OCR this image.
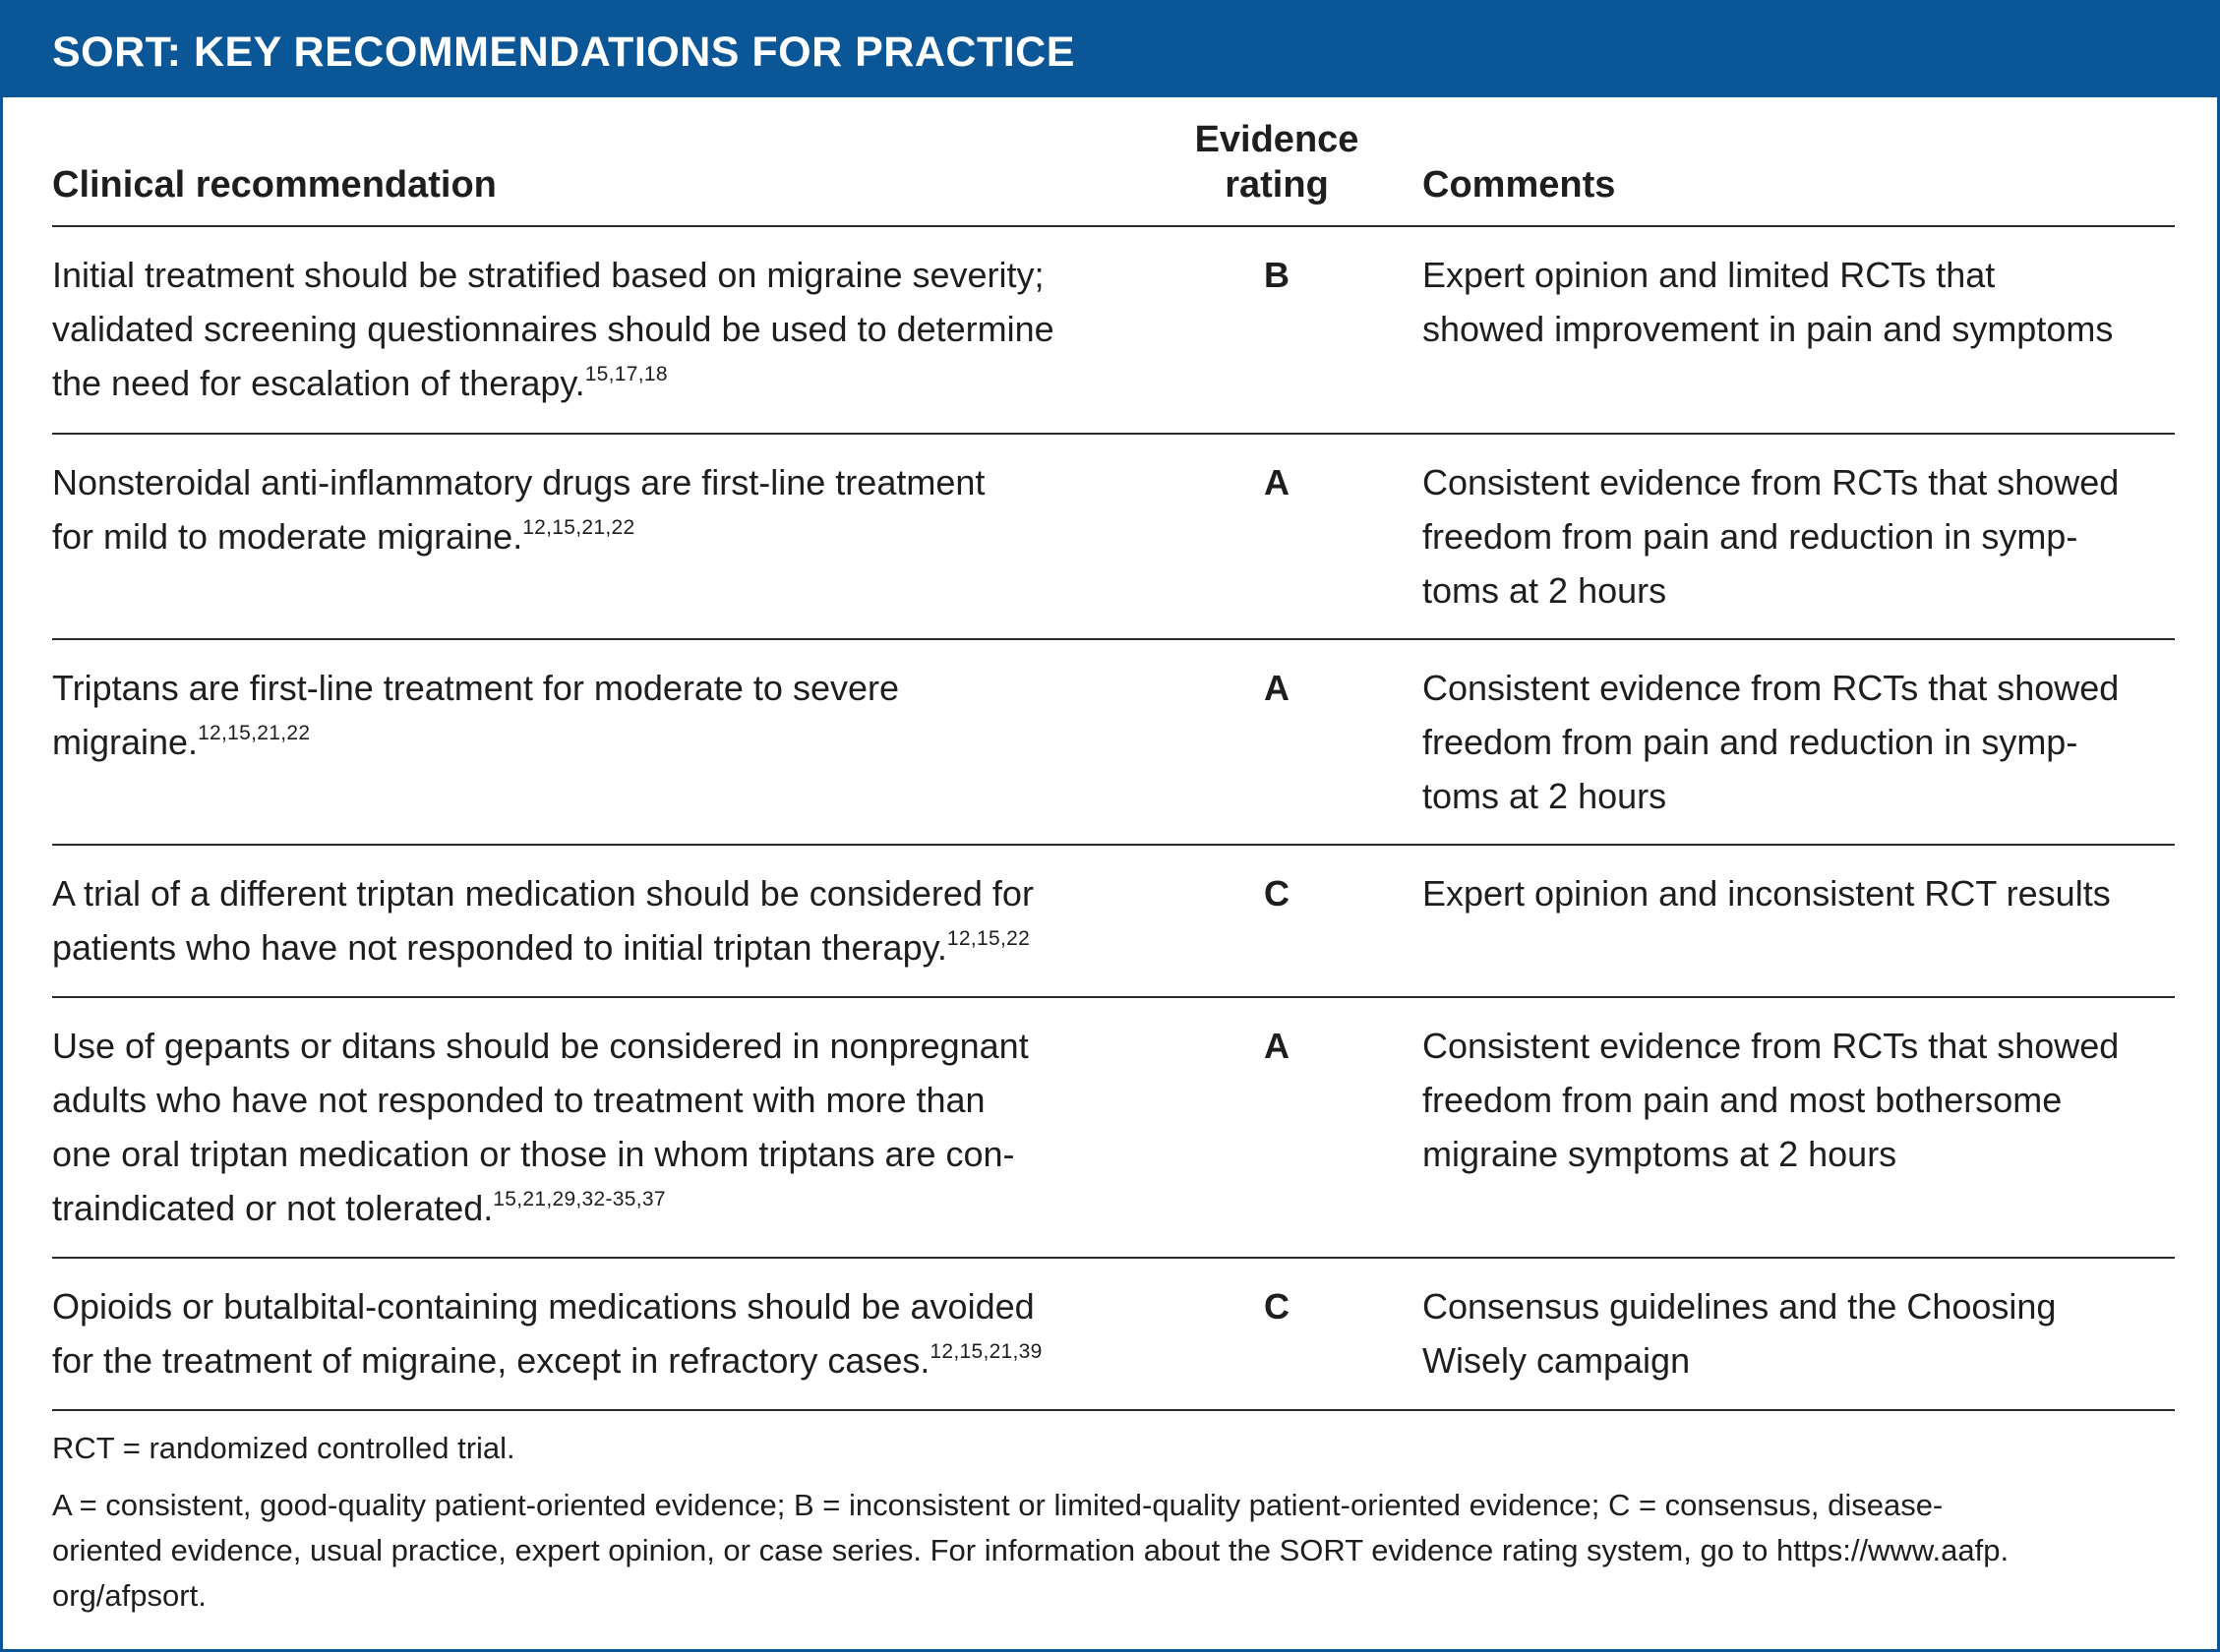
SORT: KEY RECOMMENDATIONS FOR PRACTICE
Clinical recommendation
Evidence
rating	Comments
Initial treatment should be stratified based on migraine severity;
validated screening questionnaires should be used to determine
the need for escalation of therapy.$^{15,17,18}$
B	Expert opinion and limited RCTs that
showed improvement in pain and symptoms
Nonsteroidal anti-inflammatory drugs are first-line treatment
for mild to moderate migraine.$^{12,15,21,22}$
A	Consistent evidence from RCTs that showed
freedom from pain and reduction in symp-
toms at 2 hours
Triptans are first-line treatment for moderate to severe
migraine.$^{12,15,21,22}$
A	Consistent evidence from RCTs that showed
freedom from pain and reduction in symp-
toms at 2 hours
A trial of a different triptan medication should be considered for
patients who have not responded to initial triptan therapy.$^{12,15,22}$
C	Expert opinion and inconsistent RCT results
Use of gepants or ditans should be considered in nonpregnant
adults who have not responded to treatment with more than
one oral triptan medication or those in whom triptans are con-
traindicated or not tolerated.$^{15,21,29,32-35,37}$
A	Consistent evidence from RCTs that showed
freedom from pain and most bothersome
migraine symptoms at 2 hours
Opioids or butalbital-containing medications should be avoided
for the treatment of migraine, except in refractory cases.$^{12,15,21,39}$
C	Consensus guidelines and the Choosing
Wisely campaign
RCT = randomized controlled trial.
A = consistent, good-quality patient-oriented evidence; B = inconsistent or limited-quality patient-oriented evidence; C = consensus, disease-
oriented evidence, usual practice, expert opinion, or case series. For information about the SORT evidence rating system, go to https://www.aafp.
org/afpsort.
